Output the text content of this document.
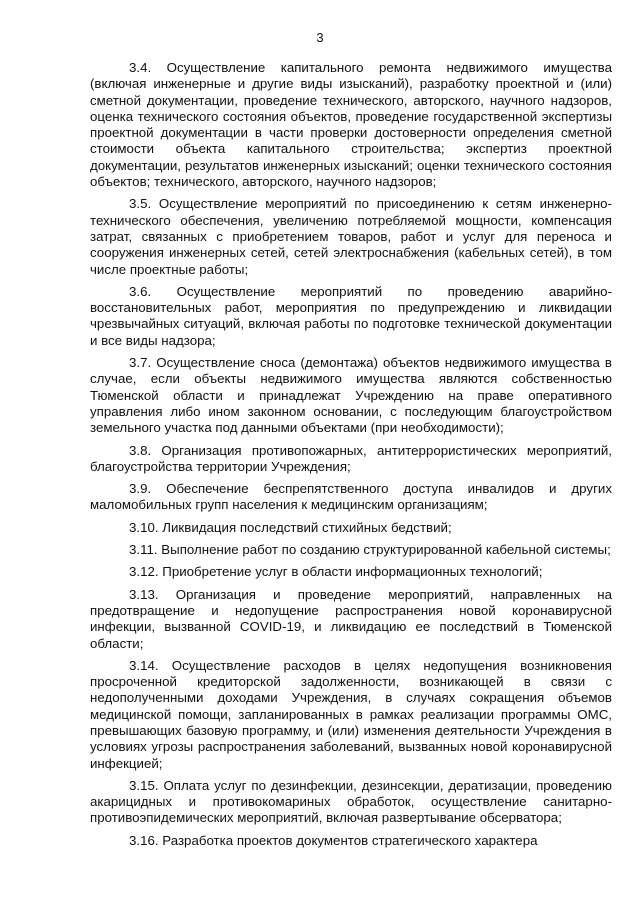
3

3.4. Осуществление капитального ремонта недвижимого имущества (включая инженерные и другие виды изысканий), разработку проектной и (или) сметной документации, проведение технического, авторского, научного надзоров, оценка технического состояния объектов, проведение государственной экспертизы проектной документации в части проверки достоверности определения сметной стоимости объекта капитального строительства; экспертиз проектной документации, результатов инженерных изысканий; оценки технического состояния объектов; технического, авторского, научного надзоров;

3.5. Осуществление мероприятий по присоединению к сетям инженерно-технического обеспечения, увеличению потребляемой мощности, компенсация затрат, связанных с приобретением товаров, работ и услуг для переноса и сооружения инженерных сетей, сетей электроснабжения (кабельных сетей), в том числе проектные работы;

3.6. Осуществление мероприятий по проведению аварийно-восстановительных работ, мероприятия по предупреждению и ликвидации чрезвычайных ситуаций, включая работы по подготовке технической документации и все виды надзора;

3.7. Осуществление сноса (демонтажа) объектов недвижимого имущества в случае, если объекты недвижимого имущества являются собственностью Тюменской области и принадлежат Учреждению на праве оперативного управления либо ином законном основании, с последующим благоустройством земельного участка под данными объектами (при необходимости);

3.8. Организация противопожарных, антитеррористических мероприятий, благоустройства территории Учреждения;

3.9. Обеспечение беспрепятственного доступа инвалидов и других маломобильных групп населения к медицинским организациям;

3.10. Ликвидация последствий стихийных бедствий;

3.11. Выполнение работ по созданию структурированной кабельной системы;

3.12. Приобретение услуг в области информационных технологий;

3.13. Организация и проведение мероприятий, направленных на предотвращение и недопущение распространения новой коронавирусной инфекции, вызванной COVID-19, и ликвидацию ее последствий в Тюменской области;

3.14. Осуществление расходов в целях недопущения возникновения просроченной кредиторской задолженности, возникающей в связи с недополученными доходами Учреждения, в случаях сокращения объемов медицинской помощи, запланированных в рамках реализации программы ОМС, превышающих базовую программу, и (или) изменения деятельности Учреждения в условиях угрозы распространения заболеваний, вызванных новой коронавирусной инфекцией;

3.15. Оплата услуг по дезинфекции, дезинсекции, дератизации, проведению акарицидных и противокомариных обработок, осуществление санитарно-противоэпидемических мероприятий, включая развертывание обсерватора;

3.16. Разработка проектов документов стратегического характера
